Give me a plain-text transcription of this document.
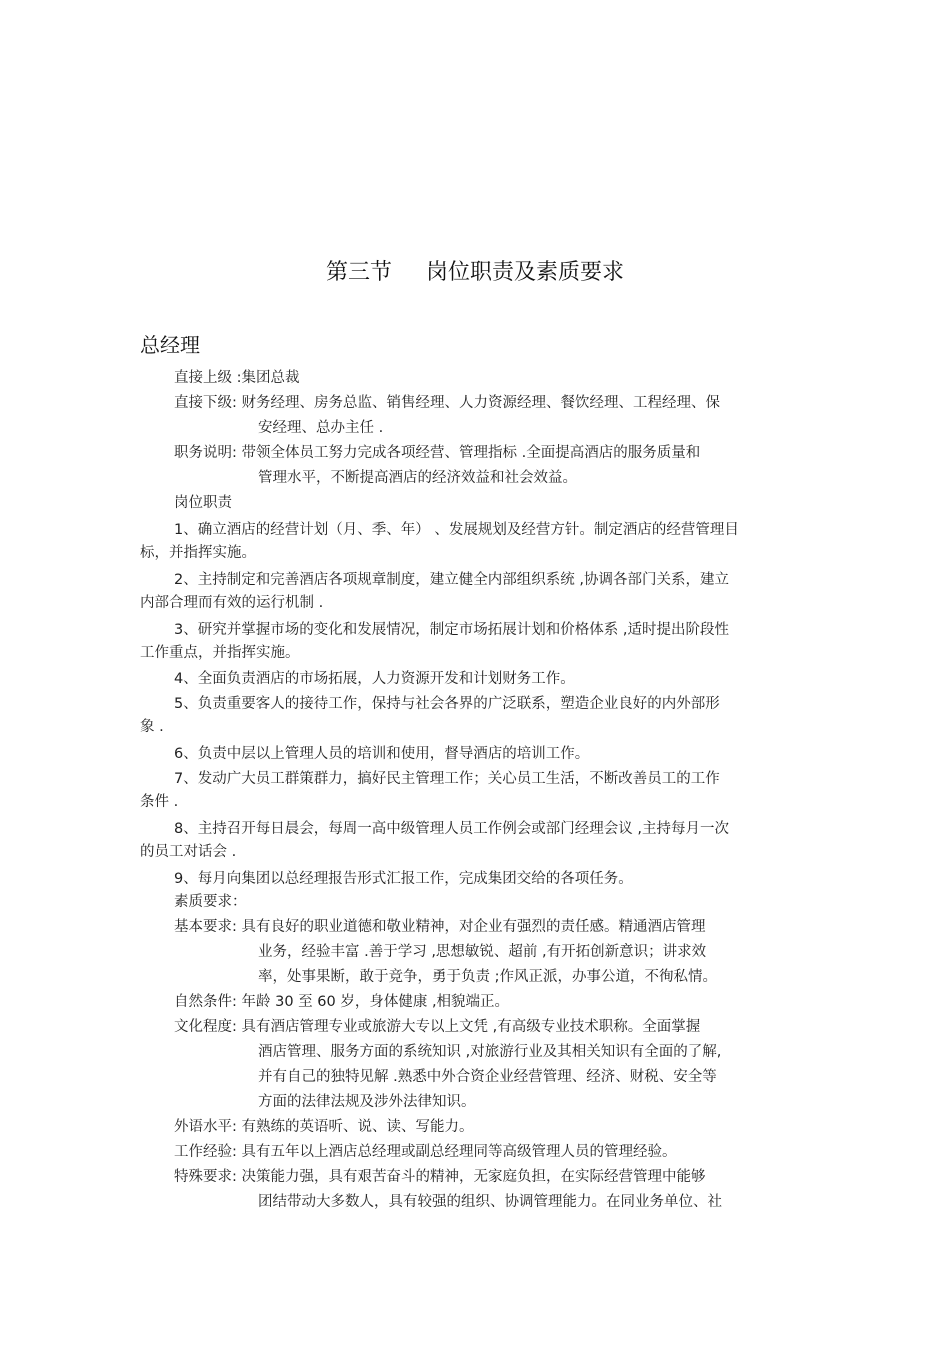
第三节 岗位职责及素质要求
总经理
直接上级 :集团总裁
直接下级: 财务经理、房务总监、销售经理、人力资源经理、餐饮经理、工程经理、保
安经理、总办主任 .
职务说明: 带领全体员工努力完成各项经营、管理指标 .全面提高酒店的服务质量和
管理水平，不断提高酒店的经济效益和社会效益。
岗位职责
1、确立酒店的经营计划（月、季、年） 、发展规划及经营方针。制定酒店的经营管理目
标，并指挥实施。
2、主持制定和完善酒店各项规章制度，建立健全内部组织系统 ,协调各部门关系，建立
内部合理而有效的运行机制 .
3、研究并掌握市场的变化和发展情况，制定市场拓展计划和价格体系 ,适时提出阶段性
工作重点，并指挥实施。
4、全面负责酒店的市场拓展，人力资源开发和计划财务工作。
5、负责重要客人的接待工作，保持与社会各界的广泛联系，塑造企业良好的内外部形
象 .
6、负责中层以上管理人员的培训和使用，督导酒店的培训工作。
7、发动广大员工群策群力，搞好民主管理工作；关心员工生活，不断改善员工的工作
条件 .
8、主持召开每日晨会，每周一高中级管理人员工作例会或部门经理会议 ,主持每月一次
的员工对话会 .
9、每月向集团以总经理报告形式汇报工作，完成集团交给的各项任务。
素质要求：
基本要求: 具有良好的职业道德和敬业精神，对企业有强烈的责任感。精通酒店管理
业务，经验丰富 .善于学习 ,思想敏锐、超前 ,有开拓创新意识；讲求效
率，处事果断，敢于竞争，勇于负责 ;作风正派，办事公道，不徇私情。
自然条件: 年龄 30 至 60 岁，身体健康 ,相貌端正。
文化程度: 具有酒店管理专业或旅游大专以上文凭 ,有高级专业技术职称。全面掌握
酒店管理、服务方面的系统知识 ,对旅游行业及其相关知识有全面的了解,
并有自己的独特见解 .熟悉中外合资企业经营管理、经济、财税、安全等
方面的法律法规及涉外法律知识。
外语水平: 有熟练的英语听、说、读、写能力。
工作经验: 具有五年以上酒店总经理或副总经理同等高级管理人员的管理经验。
特殊要求: 决策能力强，具有艰苦奋斗的精神，无家庭负担，在实际经营管理中能够
团结带动大多数人，具有较强的组织、协调管理能力。在同业务单位、社
